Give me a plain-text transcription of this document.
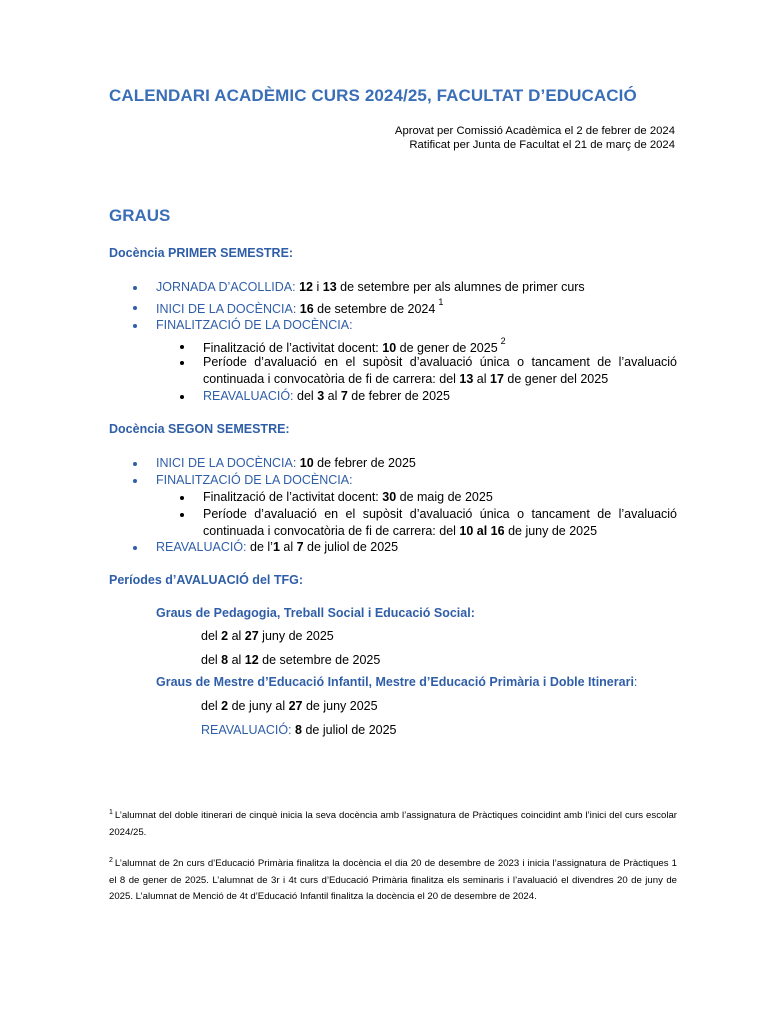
CALENDARI ACADÈMIC CURS 2024/25, FACULTAT D’EDUCACIÓ
Aprovat per Comissió Acadèmica el 2 de febrer de 2024
Ratificat per Junta de Facultat el 21 de març de 2024
GRAUS
Docència PRIMER SEMESTRE:
JORNADA D’ACOLLIDA: 12 i 13 de setembre per als alumnes de primer curs
INICI DE LA DOCÈNCIA: 16 de setembre de 2024$^1$
FINALITZACIÓ DE LA DOCÈNCIA:
Finalització de l’activitat docent: 10 de gener de 2025$^2$
Període d’avaluació en el supòsit d’avaluació única o tancament de l’avaluació continuada i convocatòria de fi de carrera: del 13 al 17 de gener del 2025
REAVALUACIÓ: del 3 al 7 de febrer de 2025
Docència SEGON SEMESTRE:
INICI DE LA DOCÈNCIA: 10 de febrer de 2025
FINALITZACIÓ DE LA DOCÈNCIA:
Finalització de l’activitat docent: 30 de maig de 2025
Període d’avaluació en el supòsit d’avaluació única o tancament de l’avaluació continuada i convocatòria de fi de carrera: del 10 al 16 de juny de 2025
REAVALUACIÓ: de l’1 al 7 de juliol de 2025
Períodes d’AVALUACIÓ del TFG:
Graus de Pedagogia, Treball Social i Educació Social:
del 2 al 27 juny de 2025
del 8 al 12 de setembre de 2025
Graus de Mestre d’Educació Infantil, Mestre d’Educació Primària i Doble Itinerari:
del 2 de juny al 27 de juny 2025
REAVALUACIÓ: 8 de juliol de 2025
$^1$ L’alumnat del doble itinerari de cinquè inicia la seva docència amb l’assignatura de Pràctiques coincidint amb l’inici del curs escolar 2024/25.
$^2$ L’alumnat de 2n curs d’Educació Primària finalitza la docència el dia 20 de desembre de 2023 i inicia l’assignatura de Pràctiques 1 el 8 de gener de 2025. L’alumnat de 3r i 4t curs d’Educació Primària finalitza els seminaris i l’avaluació el divendres 20 de juny de 2025. L’alumnat de Menció de 4t d’Educació Infantil finalitza la docència el 20 de desembre de 2024.
